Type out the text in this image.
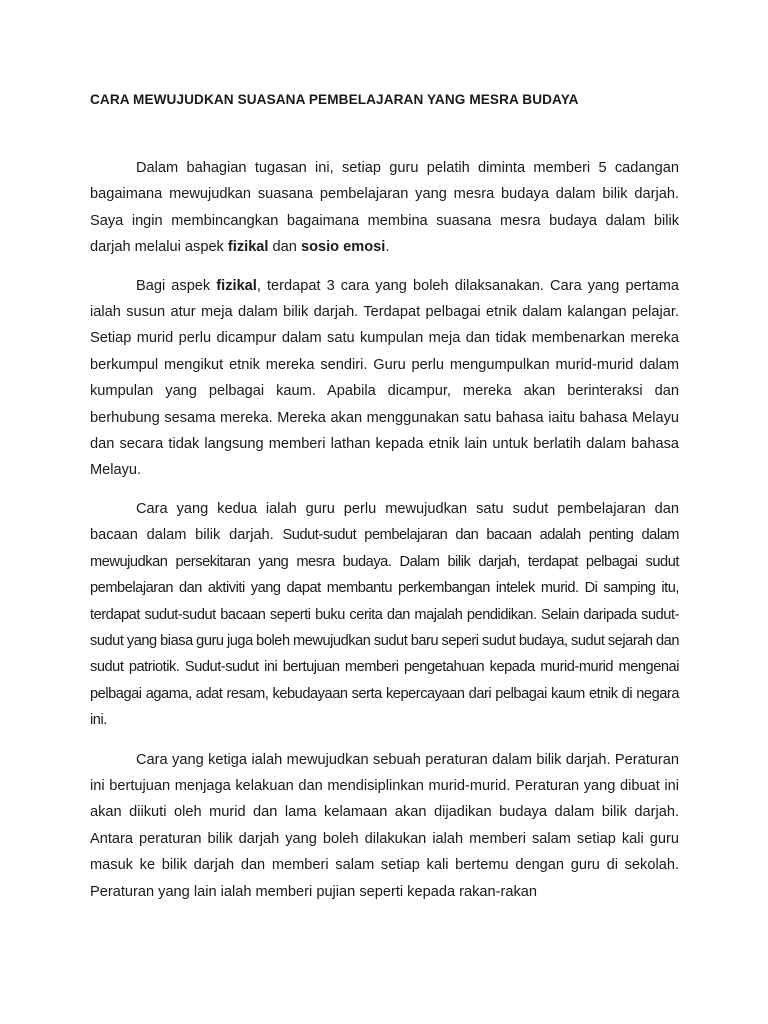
CARA MEWUJUDKAN SUASANA PEMBELAJARAN YANG MESRA BUDAYA

Dalam bahagian tugasan ini, setiap guru pelatih diminta memberi 5 cadangan bagaimana mewujudkan suasana pembelajaran yang mesra budaya dalam bilik darjah. Saya ingin membincangkan bagaimana membina suasana mesra budaya dalam bilik darjah melalui aspek fizikal dan sosio emosi.

Bagi aspek fizikal, terdapat 3 cara yang boleh dilaksanakan. Cara yang pertama ialah susun atur meja dalam bilik darjah. Terdapat pelbagai etnik dalam kalangan pelajar. Setiap murid perlu dicampur dalam satu kumpulan meja dan tidak membenarkan mereka berkumpul mengikut etnik mereka sendiri. Guru perlu mengumpulkan murid-murid dalam kumpulan yang pelbagai kaum. Apabila dicampur, mereka akan berinteraksi dan berhubung sesama mereka. Mereka akan menggunakan satu bahasa iaitu bahasa Melayu dan secara tidak langsung memberi lathan kepada etnik lain untuk berlatih dalam bahasa Melayu.

Cara yang kedua ialah guru perlu mewujudkan satu sudut pembelajaran dan bacaan dalam bilik darjah. Sudut-sudut pembelajaran dan bacaan adalah penting dalam mewujudkan persekitaran yang mesra budaya. Dalam bilik darjah, terdapat pelbagai sudut pembelajaran dan aktiviti yang dapat membantu perkembangan intelek murid. Di samping itu, terdapat sudut-sudut bacaan seperti buku cerita dan majalah pendidikan. Selain daripada sudut-sudut yang biasa guru juga boleh mewujudkan sudut baru seperi sudut budaya, sudut sejarah dan sudut patriotik. Sudut-sudut ini bertujuan memberi pengetahuan kepada murid-murid mengenai pelbagai agama, adat resam, kebudayaan serta kepercayaan dari pelbagai kaum etnik di negara ini.

Cara yang ketiga ialah mewujudkan sebuah peraturan dalam bilik darjah. Peraturan ini bertujuan menjaga kelakuan dan mendisiplinkan murid-murid. Peraturan yang dibuat ini akan diikuti oleh murid dan lama kelamaan akan dijadikan budaya dalam bilik darjah. Antara peraturan bilik darjah yang boleh dilakukan ialah memberi salam setiap kali guru masuk ke bilik darjah dan memberi salam setiap kali bertemu dengan guru di sekolah. Peraturan yang lain ialah memberi pujian seperti kepada rakan-rakan
